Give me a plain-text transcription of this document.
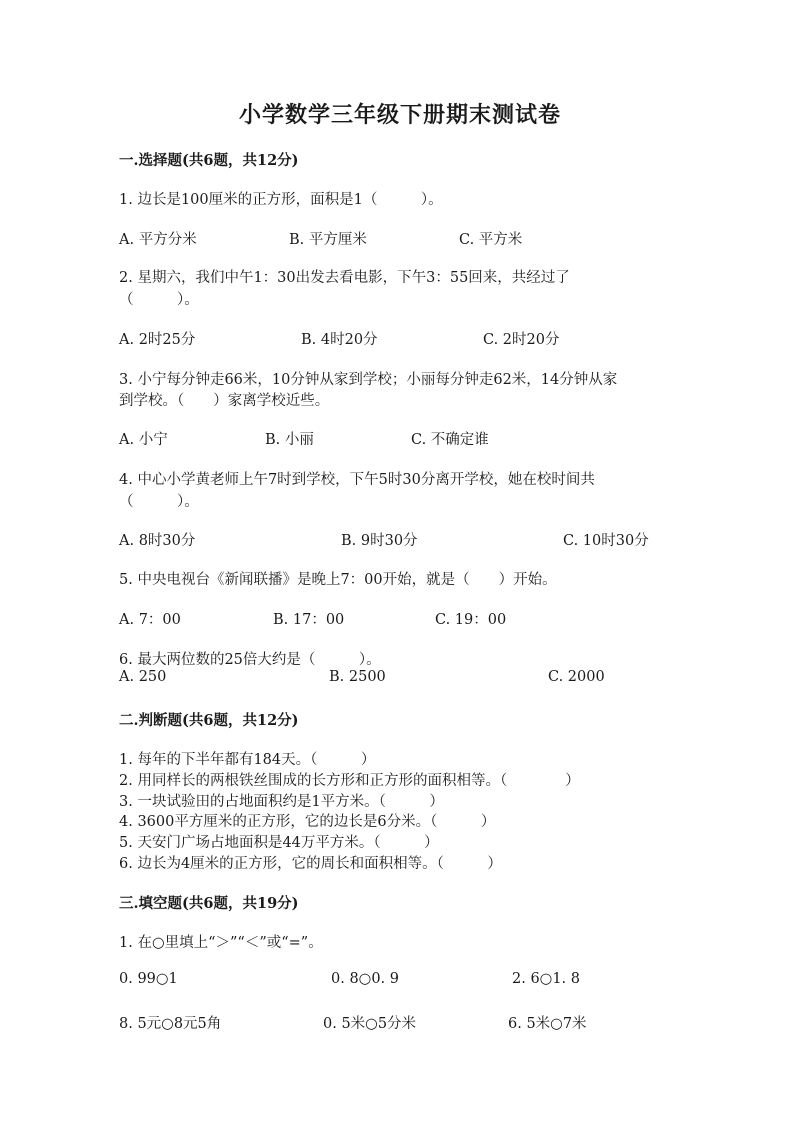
小学数学三年级下册期末测试卷
一.选择题(共6题，共12分)
1. 边长是100厘米的正方形，面积是1（　　　）。
A. 平方分米	B. 平方厘米	C. 平方米
2. 星期六，我们中午1：30出发去看电影，下午3：55回来，共经过了
（　　　）。
A. 2时25分	B. 4时20分	C. 2时20分
3. 小宁每分钟走66米，10分钟从家到学校；小丽每分钟走62米，14分钟从家
到学校。（　　）家离学校近些。
A. 小宁	B. 小丽	C. 不确定谁
4. 中心小学黄老师上午7时到学校，下午5时30分离开学校，她在校时间共
（　　　）。
A. 8时30分	B. 9时30分	C. 10时30分
5. 中央电视台《新闻联播》是晚上7：00开始，就是（　　）开始。
A. 7：00	B. 17：00	C. 19：00
6. 最大两位数的25倍大约是（　　　）。
A. 250	B. 2500	C. 2000
二.判断题(共6题，共12分)
1. 每年的下半年都有184天。（　　　）
2. 用同样长的两根铁丝围成的长方形和正方形的面积相等。（　　　　）
3. 一块试验田的占地面积约是1平方米。（　　　）
4. 3600平方厘米的正方形，它的边长是6分米。（　　　）
5. 天安门广场占地面积是44万平方米。（　　　）
6. 边长为4厘米的正方形，它的周长和面积相等。（　　　）
三.填空题(共6题，共19分)
1. 在○里填上“＞”“＜”或“=”。
0. 99○1	0. 8○0. 9	2. 6○1. 8
8. 5元○8元5角	0. 5米○5分米	6. 5米○7米
